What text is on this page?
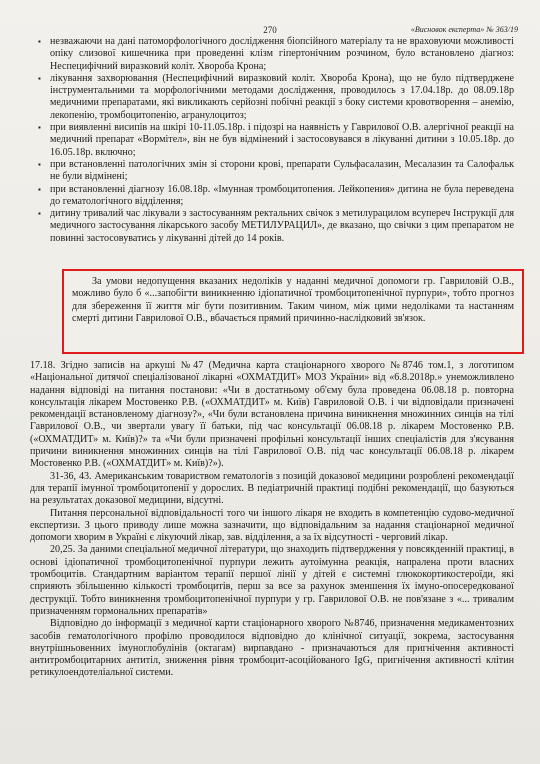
270	«Висновок експерта» № 363/19

▪ незважаючи на дані патоморфологічного дослідження біопсійного матеріалу та не враховуючи можливості опіку слизової кишечника при проведенні клізм гіпертонічним розчином, було встановлено діагноз: Неспецифічний виразковий коліт. Хвороба Крона;

▪ лікування захворювання (Неспецифічний виразковий коліт. Хвороба Крона), що не було підтверджене інструментальними та морфологічними методами дослідження, проводилось з 17.04.18р. до 08.09.18р медичними препаратами, які викликають серйозні побічні реакції з боку системи кровотворення – анемію, лекопенію, тромбоцитопенію, агранулоцитоз;

▪ при виявленні висипів на шкірі 10-11.05.18р. і підозрі на наявність у Гаврилової О.В. алергічної реакції на медичний препарат «Вормітел», він не був відмінений і застосовувався в лікуванні дитини з 10.05.18р. до 16.05.18р. включно;

▪ при встановленні патологічних змін зі сторони крові, препарати Сульфасалазин, Месалазин та Салофальк не були відмінені;

▪ при встановленні діагнозу 16.08.18р. «Імунная тромбоцитопения. Лейкопения» дитина не була переведена до гематологічного відділення;

▪ дитину тривалий час лікували з застосуванням ректальних свічок з метилурацилом всупереч Інструкції для медичного застосування лікарського засобу МЕТИЛУРАЦИЛ», де вказано, що свічки з цим препаратом не повинні застосовуватись у лікуванні дітей до 14 років.

За умови недопущення вказаних недоліків у наданні медичної допомоги гр. Гавриловій О.В., можливо було б «...запобігти виникненню ідіопатичної тромбоцитопенічної пурпури», тобто прогноз для збереження її життя міг бути позитивним. Таким чином, між цими недоліками та настанням смерті дитини Гаврилової О.В., вбачається прямий причинно-наслідковий зв'язок.

17.18. Згідно записів на аркуші №47 (Медична карта стаціонарного хворого №8746 том.1, з логотипом «Національної дитячої спеціалізованої лікарні «ОХМАТДИТ» МОЗ України» від «6.8.2018р.» унеможливлено надання відповіді на питання постанови: «Чи в достатньому об'єму була проведена 06.08.18 р. повторна консультація лікарем Мостовенко Р.В. («ОХМАТДИТ» м. Київ) Гавриловой О.В. і чи відповідали призначені рекомендації встановленому діагнозу?», «Чи були встановлена причина виникнення множинних синців на тілі Гаврилової О.В., чи звертали увагу її батьки, під час консультації 06.08.18 р. лікарем Мостовенко Р.В. («ОХМАТДИТ» м. Київ)?» та «Чи були призначені профільні консультації інших спеціалістів для з'ясування причини виникнення множинних синців на тілі Гаврилової О.В. під час консультації 06.08.18 р. лікарем Мостовенко Р.В. («ОХМАТДИТ» м. Київ)?»).

31-36, 43. Американським товариством гематологів з позицій доказової медицини розроблені рекомендації для терапії імунної тромбоцитопенії у дорослих. В педіатричній практиці подібні рекомендації, що базуються на результатах доказової медицини, відсутні.

Питання персональної відповідальності того чи іншого лікаря не входить в компетенцію судово-медичної експертизи. З цього приводу лише можна зазначити, що відповідальним за надання стаціонарної медичної допомоги хворим в Україні є лікуючий лікар, зав. відділення, а за їх відсутності - черговий лікар.

20,25. За даними спеціальної медичної літератури, що знаходить підтвердження у повсякденній практиці, в основі ідіопатичної тромбоцитопенічної пурпури лежить аутоімунна реакція, напралена проти власних тромбоцитів. Стандартним варіантом терапії першої лінії у дітей є системні глюкокортикостероїди, які сприяють збільшенню кількості тромбоцитів, перш за все за рахунок зменшення їх імуно-опосередкованої деструкції. Тобто виникнення тромбоцитопенічної пурпури у гр. Гаврилової О.В. не пов'язане з «... тривалим призначенням гормональних препаратів»

Відповідно до інформації з медичної карти стаціонарного хворого №8746, призначення медикаментозних засобів гематологічного профілю проводилося відповідно до клінічної ситуації, зокрема, застосування внутрішньовенних імуноглобулінів (октагам) вирпавдано - призначаються для пригнічення активності антитромбоцитарних антитіл, зниження рівня тромбоцит-асоційованого IgG, пригнічення активності клітин ретикулоендотеліальної системи.
